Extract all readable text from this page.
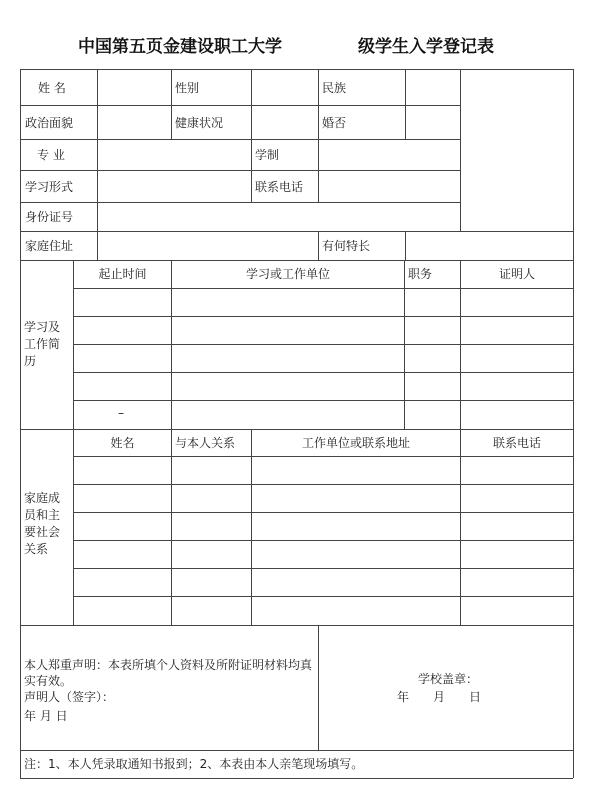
中国第五页金建设职工大学	级学生入学登记表
姓 名	性别	民族
政治面貌	健康状况	婚否
专 业	学制
学习形式	联系电话
身份证号
家庭住址	有何特长
学习及工作简历
起止时间	学习或工作单位	职务	证明人
–
家庭成员和主要社会关系
姓名	与本人关系	工作单位或联系地址	联系电话
本人郑重声明：本表所填个人资料及所附证明材料均真实有效。
声明人（签字）：
年 月 日
学校盖章：
年　　月　　日
注：1、本人凭录取通知书报到；2、本表由本人亲笔现场填写。
